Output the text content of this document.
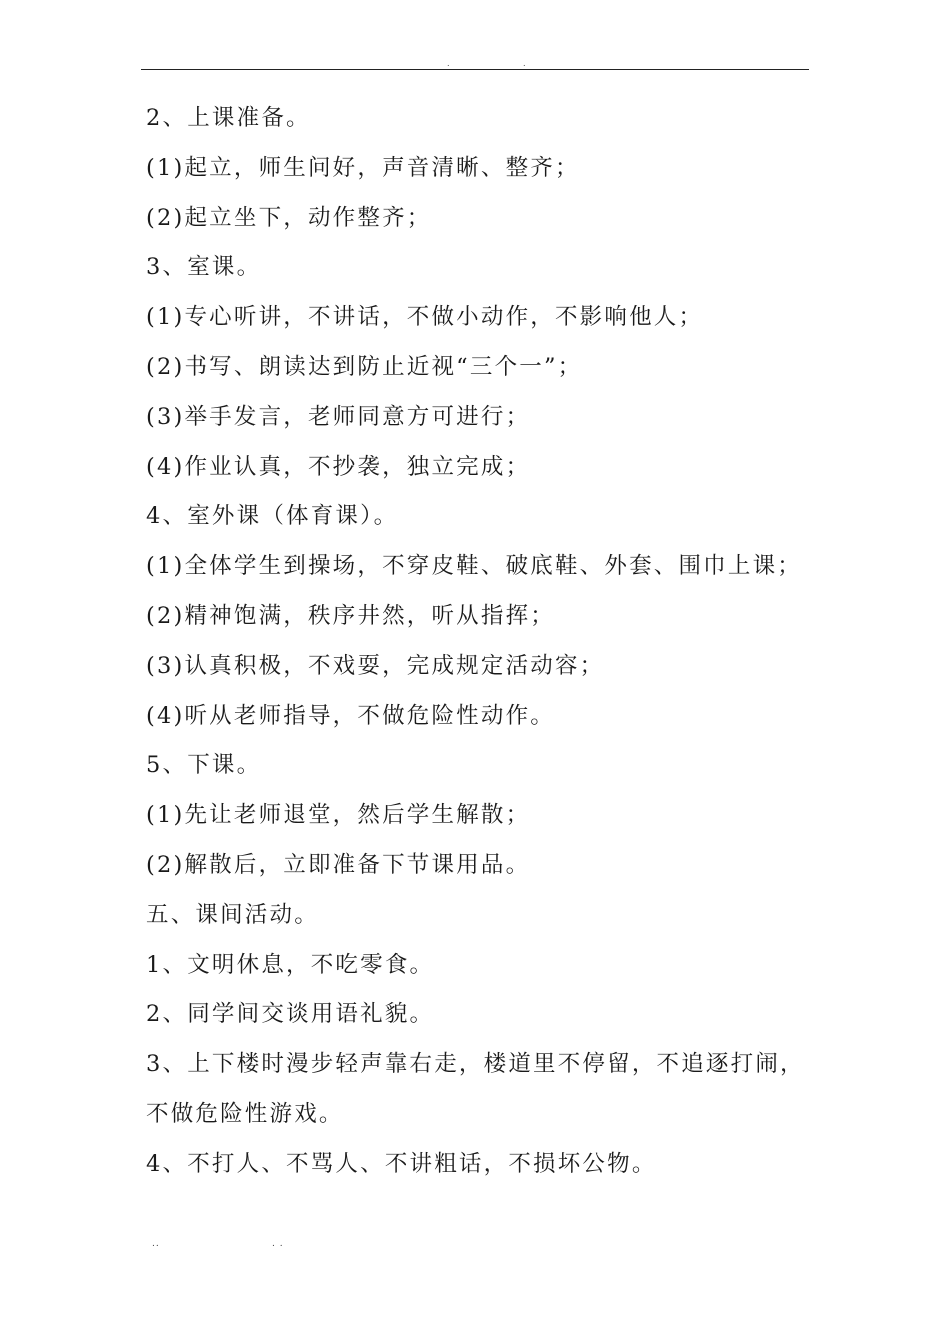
.	.
2、上课准备。
(1)起立，师生问好，声音清晰、整齐；
(2)起立坐下，动作整齐；
3、室课。
(1)专心听讲，不讲话，不做小动作，不影响他人；
(2)书写、朗读达到防止近视“三个一”；
(3)举手发言，老师同意方可进行；
(4)作业认真，不抄袭，独立完成；
4、室外课（体育课）。
(1)全体学生到操场，不穿皮鞋、破底鞋、外套、围巾上课；
(2)精神饱满，秩序井然，听从指挥；
(3)认真积极，不戏耍，完成规定活动容；
(4)听从老师指导，不做危险性动作。
5、下课。
(1)先让老师退堂，然后学生解散；
(2)解散后，立即准备下节课用品。
五、课间活动。
1、文明休息，不吃零食。
2、同学间交谈用语礼貌。
3、上下楼时漫步轻声靠右走，楼道里不停留，不追逐打闹，
不做危险性游戏。
4、不打人、不骂人、不讲粗话，不损坏公物。
..	. .
